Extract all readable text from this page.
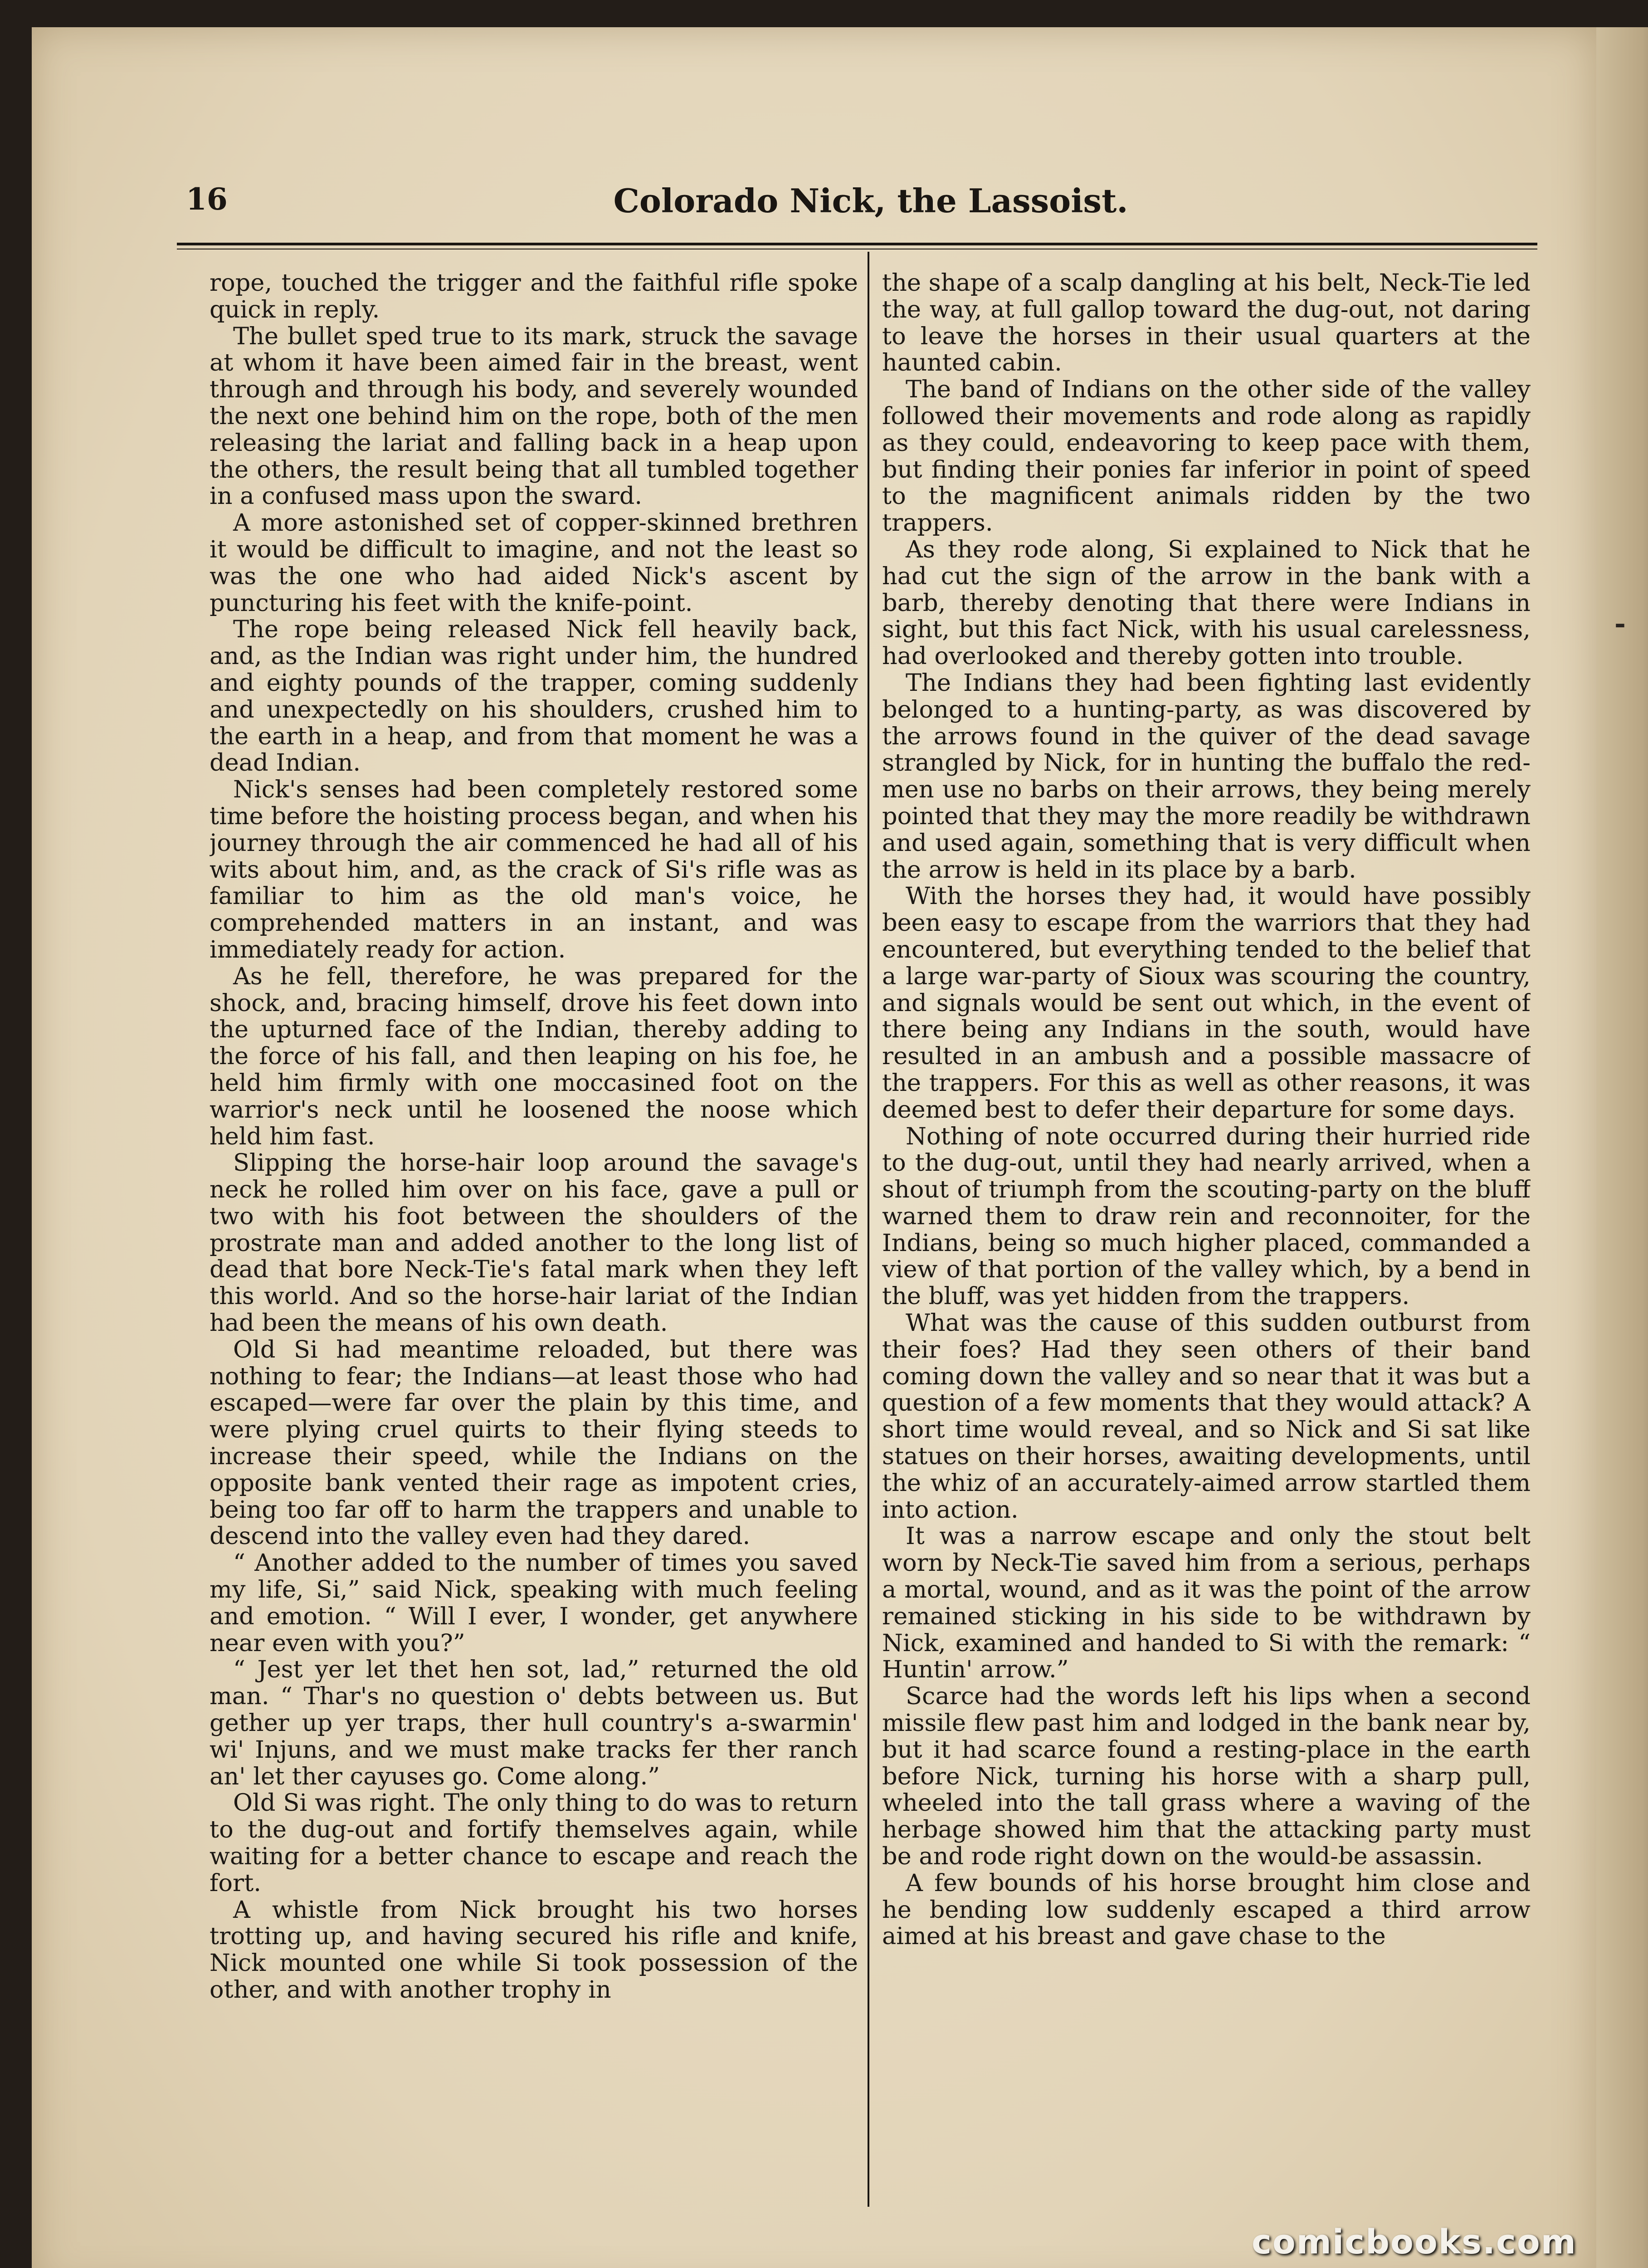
-
16	Colorado Nick, the Lassoist.

rope, touched the trigger and the faithful rifle spoke quick in reply.

The bullet sped true to its mark, struck the savage at whom it have been aimed fair in the breast, went through and through his body, and severely wounded the next one behind him on the rope, both of the men releasing the lariat and falling back in a heap upon the others, the result being that all tumbled together in a confused mass upon the sward.

A more astonished set of copper-skinned brethren it would be difficult to imagine, and not the least so was the one who had aided Nick's ascent by puncturing his feet with the knife-point.

The rope being released Nick fell heavily back, and, as the Indian was right under him, the hundred and eighty pounds of the trapper, coming suddenly and unexpectedly on his shoulders, crushed him to the earth in a heap, and from that moment he was a dead Indian.

Nick's senses had been completely restored some time before the hoisting process began, and when his journey through the air commenced he had all of his wits about him, and, as the crack of Si's rifle was as familiar to him as the old man's voice, he comprehended matters in an instant, and was immediately ready for action.

As he fell, therefore, he was prepared for the shock, and, bracing himself, drove his feet down into the upturned face of the Indian, thereby adding to the force of his fall, and then leaping on his foe, he held him firmly with one moccasined foot on the warrior's neck until he loosened the noose which held him fast.

Slipping the horse-hair loop around the savage's neck he rolled him over on his face, gave a pull or two with his foot between the shoulders of the prostrate man and added another to the long list of dead that bore Neck-Tie's fatal mark when they left this world. And so the horse-hair lariat of the Indian had been the means of his own death.

Old Si had meantime reloaded, but there was nothing to fear; the Indians—at least those who had escaped—were far over the plain by this time, and were plying cruel quirts to their flying steeds to increase their speed, while the Indians on the opposite bank vented their rage as impotent cries, being too far off to harm the trappers and unable to descend into the valley even had they dared.

“ Another added to the number of times you saved my life, Si,” said Nick, speaking with much feeling and emotion. “ Will I ever, I wonder, get anywhere near even with you?”

“ Jest yer let thet hen sot, lad,” returned the old man. “ Thar's no question o' debts between us. But gether up yer traps, ther hull country's a-swarmin' wi' Injuns, and we must make tracks fer ther ranch an' let ther cayuses go. Come along.”

Old Si was right. The only thing to do was to return to the dug-out and fortify themselves again, while waiting for a better chance to escape and reach the fort.

A whistle from Nick brought his two horses trotting up, and having secured his rifle and knife, Nick mounted one while Si took possession of the other, and with another trophy in

the shape of a scalp dangling at his belt, Neck-Tie led the way, at full gallop toward the dug-out, not daring to leave the horses in their usual quarters at the haunted cabin.

The band of Indians on the other side of the valley followed their movements and rode along as rapidly as they could, endeavoring to keep pace with them, but finding their ponies far inferior in point of speed to the magnificent animals ridden by the two trappers.

As they rode along, Si explained to Nick that he had cut the sign of the arrow in the bank with a barb, thereby denoting that there were Indians in sight, but this fact Nick, with his usual carelessness, had overlooked and thereby gotten into trouble.

The Indians they had been fighting last evidently belonged to a hunting-party, as was discovered by the arrows found in the quiver of the dead savage strangled by Nick, for in hunting the buffalo the red-men use no barbs on their arrows, they being merely pointed that they may the more readily be withdrawn and used again, something that is very difficult when the arrow is held in its place by a barb.

With the horses they had, it would have possibly been easy to escape from the warriors that they had encountered, but everything tended to the belief that a large war-party of Sioux was scouring the country, and signals would be sent out which, in the event of there being any Indians in the south, would have resulted in an ambush and a possible massacre of the trappers. For this as well as other reasons, it was deemed best to defer their departure for some days.

Nothing of note occurred during their hurried ride to the dug-out, until they had nearly arrived, when a shout of triumph from the scouting-party on the bluff warned them to draw rein and reconnoiter, for the Indians, being so much higher placed, commanded a view of that portion of the valley which, by a bend in the bluff, was yet hidden from the trappers.

What was the cause of this sudden outburst from their foes? Had they seen others of their band coming down the valley and so near that it was but a question of a few moments that they would attack? A short time would reveal, and so Nick and Si sat like statues on their horses, awaiting developments, until the whiz of an accurately-aimed arrow startled them into action.

It was a narrow escape and only the stout belt worn by Neck-Tie saved him from a serious, perhaps a mortal, wound, and as it was the point of the arrow remained sticking in his side to be withdrawn by Nick, examined and handed to Si with the remark: “ Huntin' arrow.”

Scarce had the words left his lips when a second missile flew past him and lodged in the bank near by, but it had scarce found a resting-place in the earth before Nick, turning his horse with a sharp pull, wheeled into the tall grass where a waving of the herbage showed him that the attacking party must be and rode right down on the would-be assassin.

A few bounds of his horse brought him close and he bending low suddenly escaped a third arrow aimed at his breast and gave chase to the

comicbooks.com
